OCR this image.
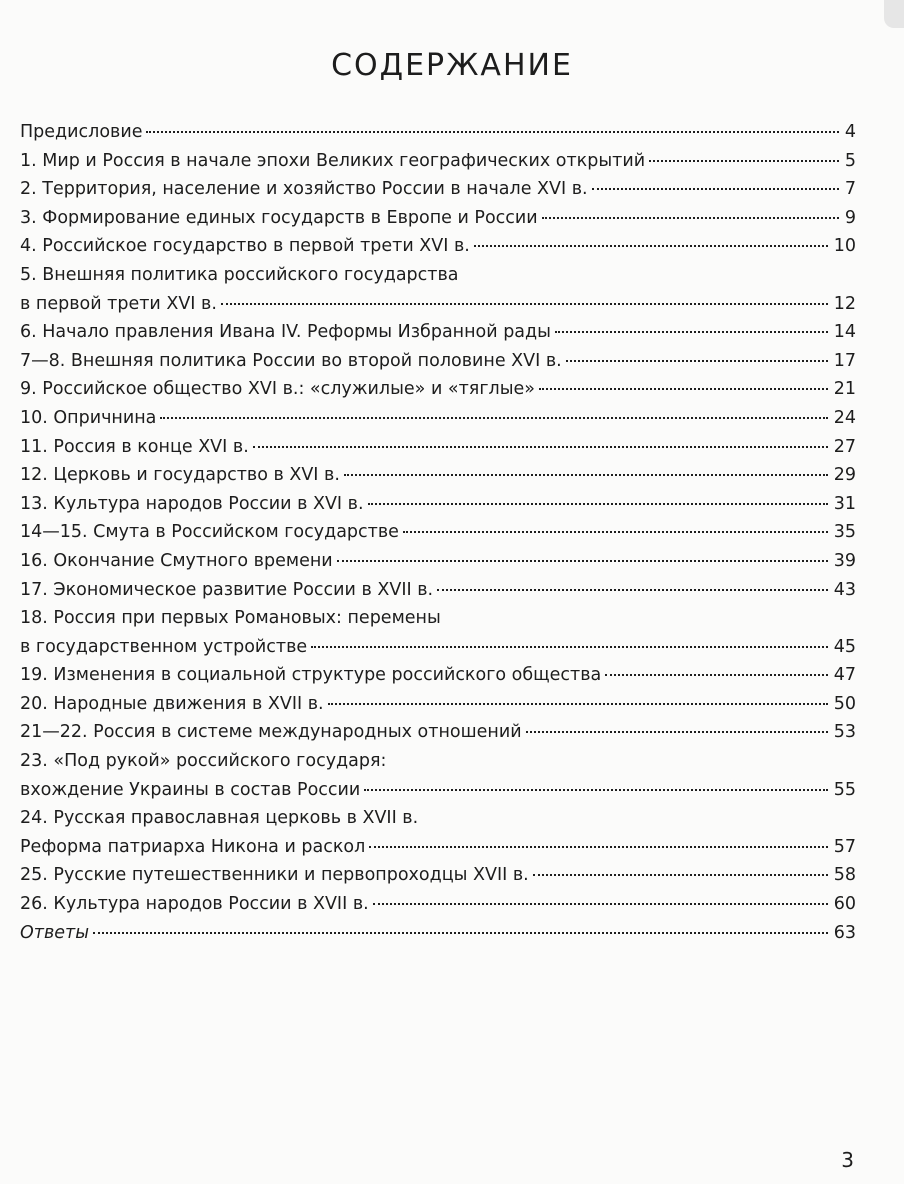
СОДЕРЖАНИЕ
Предисловие	4
1. Мир и Россия в начале эпохи Великих географических открытий	5
2. Территория, население и хозяйство России в начале XVI в.	7
3. Формирование единых государств в Европе и России	9
4. Российское государство в первой трети XVI в.	10
5. Внешняя политика российского государства
в первой трети XVI в.	12
6. Начало правления Ивана IV. Реформы Избранной рады	14
7—8. Внешняя политика России во второй половине XVI в.	17
9. Российское общество XVI в.: «служилые» и «тяглые»	21
10. Опричнина	24
11. Россия в конце XVI в.	27
12. Церковь и государство в XVI в.	29
13. Культура народов России в XVI в.	31
14—15. Смута в Российском государстве	35
16. Окончание Смутного времени	39
17. Экономическое развитие России в XVII в.	43
18. Россия при первых Романовых: перемены
в государственном устройстве	45
19. Изменения в социальной структуре российского общества	47
20. Народные движения в XVII в.	50
21—22. Россия в системе международных отношений	53
23. «Под рукой» российского государя:
вхождение Украины в состав России	55
24. Русская православная церковь в XVII в.
Реформа патриарха Никона и раскол	57
25. Русские путешественники и первопроходцы XVII в.	58
26. Культура народов России в XVII в.	60
Ответы	63
3
